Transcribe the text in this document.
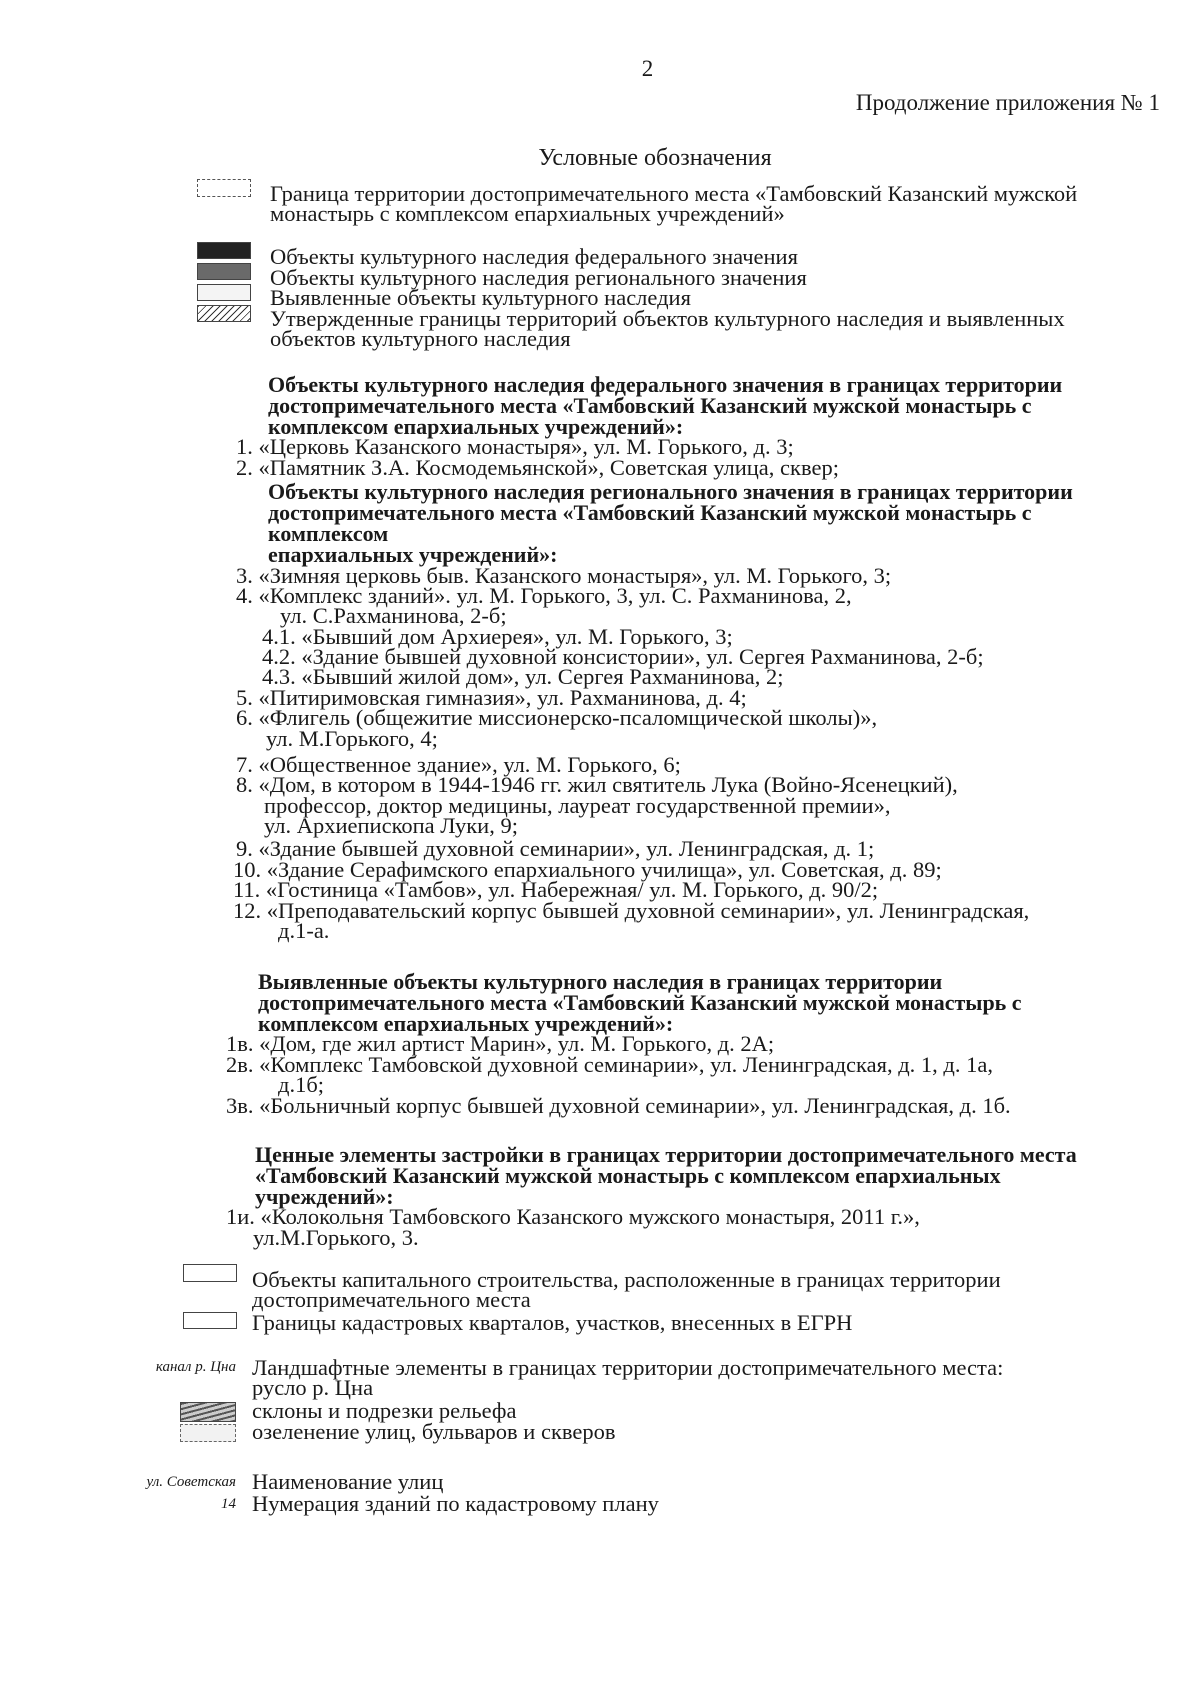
2
Продолжение приложения № 1
Условные обозначения
Граница территории достопримечательного места «Тамбовский Казанский мужской монастырь с комплексом епархиальных учреждений»
Объекты культурного наследия федерального значения
Объекты культурного наследия регионального значения
Выявленные объекты культурного наследия
Утвержденные границы территорий объектов культурного наследия и выявленных объектов культурного наследия
Объекты культурного наследия федерального значения в границах территории достопримечательного места «Тамбовский Казанский мужской монастырь с комплексом епархиальных учреждений»:
1. «Церковь Казанского монастыря», ул. М. Горького, д. 3;
2. «Памятник З.А. Космодемьянской», Советская улица, сквер;
Объекты культурного наследия регионального значения в границах территории достопримечательного места «Тамбовский Казанский мужской монастырь с комплексом
епархиальных учреждений»:
3. «Зимняя церковь быв. Казанского монастыря», ул. М. Горького, 3;
4. «Комплекс зданий». ул. М. Горького, 3, ул. С. Рахманинова, 2,
ул. С.Рахманинова, 2-б;
4.1. «Бывший дом Архиерея», ул. М. Горького, 3;
4.2. «Здание бывшей духовной консистории», ул. Сергея Рахманинова, 2-б;
4.3. «Бывший жилой дом», ул. Сергея Рахманинова, 2;
5. «Питиримовская гимназия», ул. Рахманинова, д. 4;
6. «Флигель (общежитие миссионерско-псаломщической школы)»,
ул. М.Горького, 4;
7. «Общественное здание», ул. М. Горького, 6;
8. «Дом, в котором в 1944-1946 гг. жил святитель Лука (Войно-Ясенецкий),
профессор, доктор медицины, лауреат государственной премии»,
ул. Архиепископа Луки, 9;
9. «Здание бывшей духовной семинарии», ул. Ленинградская, д. 1;
10. «Здание Серафимского епархиального училища», ул. Советская, д. 89;
11. «Гостиница «Тамбов», ул. Набережная/ ул. М. Горького, д. 90/2;
12. «Преподавательский корпус бывшей духовной семинарии», ул. Ленинградская,
д.1-а.
Выявленные объекты культурного наследия в границах территории достопримечательного места «Тамбовский Казанский мужской монастырь с комплексом епархиальных учреждений»:
1в. «Дом, где жил артист Марин», ул. М. Горького, д. 2А;
2в. «Комплекс Тамбовской духовной семинарии», ул. Ленинградская, д. 1, д. 1а,
д.1б;
3в. «Больничный корпус бывшей духовной семинарии», ул. Ленинградская, д. 1б.
Ценные элементы застройки в границах территории достопримечательного места «Тамбовский Казанский мужской монастырь с комплексом епархиальных учреждений»:
1и. «Колокольня Тамбовского Казанского мужского монастыря, 2011 г.»,
ул.М.Горького, 3.
Объекты капитального строительства, расположенные в границах территории достопримечательного места
Границы кадастровых кварталов, участков, внесенных в ЕГРН
канал р. Цна Ландшафтные элементы в границах территории достопримечательного места:
русло р. Цна
склоны и подрезки рельефа
озеленение улиц, бульваров и скверов
ул. Советская Наименование улиц
14 Нумерация зданий по кадастровому плану
